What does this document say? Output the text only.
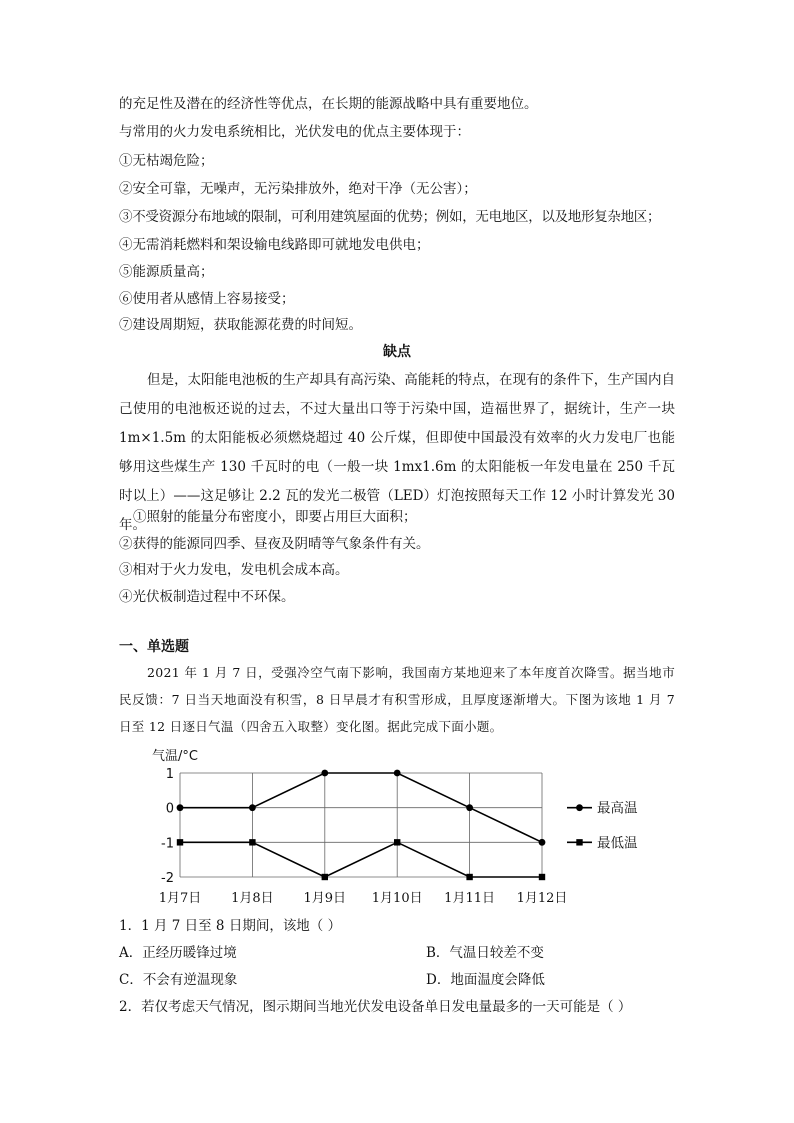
的充足性及潜在的经济性等优点，在长期的能源战略中具有重要地位。
与常用的火力发电系统相比，光伏发电的优点主要体现于：
①无枯竭危险；
②安全可靠，无噪声，无污染排放外，绝对干净（无公害）；
③不受资源分布地域的限制，可利用建筑屋面的优势；例如，无电地区，以及地形复杂地区；
④无需消耗燃料和架设输电线路即可就地发电供电；
⑤能源质量高；
⑥使用者从感情上容易接受；
⑦建设周期短，获取能源花费的时间短。
缺点
但是，太阳能电池板的生产却具有高污染、高能耗的特点，在现有的条件下，生产国内自己使用的电池板还说的过去，不过大量出口等于污染中国，造福世界了，据统计，生产一块 1m×1.5m 的太阳能板必须燃烧超过 40 公斤煤，但即使中国最没有效率的火力发电厂也能够用这些煤生产 130 千瓦时的电（一般一块 1mx1.6m 的太阳能板一年发电量在 250 千瓦时以上）——这足够让 2.2 瓦的发光二极管（LED）灯泡按照每天工作 12 小时计算发光 30 年。
①照射的能量分布密度小，即要占用巨大面积；
②获得的能源同四季、昼夜及阴晴等气象条件有关。
③相对于火力发电，发电机会成本高。
④光伏板制造过程中不环保。
一、单选题
2021 年 1 月 7 日，受强冷空气南下影响，我国南方某地迎来了本年度首次降雪。据当地市民反馈：7 日当天地面没有积雪，8 日早晨才有积雪形成，且厚度逐渐增大。下图为该地 1 月 7 日至 12 日逐日气温（四舍五入取整）变化图。据此完成下面小题。
气温/°C
1
0
-1
-2
1月7日 1月8日 1月9日 1月10日 1月11日 1月12日
最高温
最低温
1．1 月 7 日至 8 日期间，该地（ ）
A．正经历暖锋过境	B．气温日较差不变
C．不会有逆温现象	D．地面温度会降低
2．若仅考虑天气情况，图示期间当地光伏发电设备单日发电量最多的一天可能是（ ）
